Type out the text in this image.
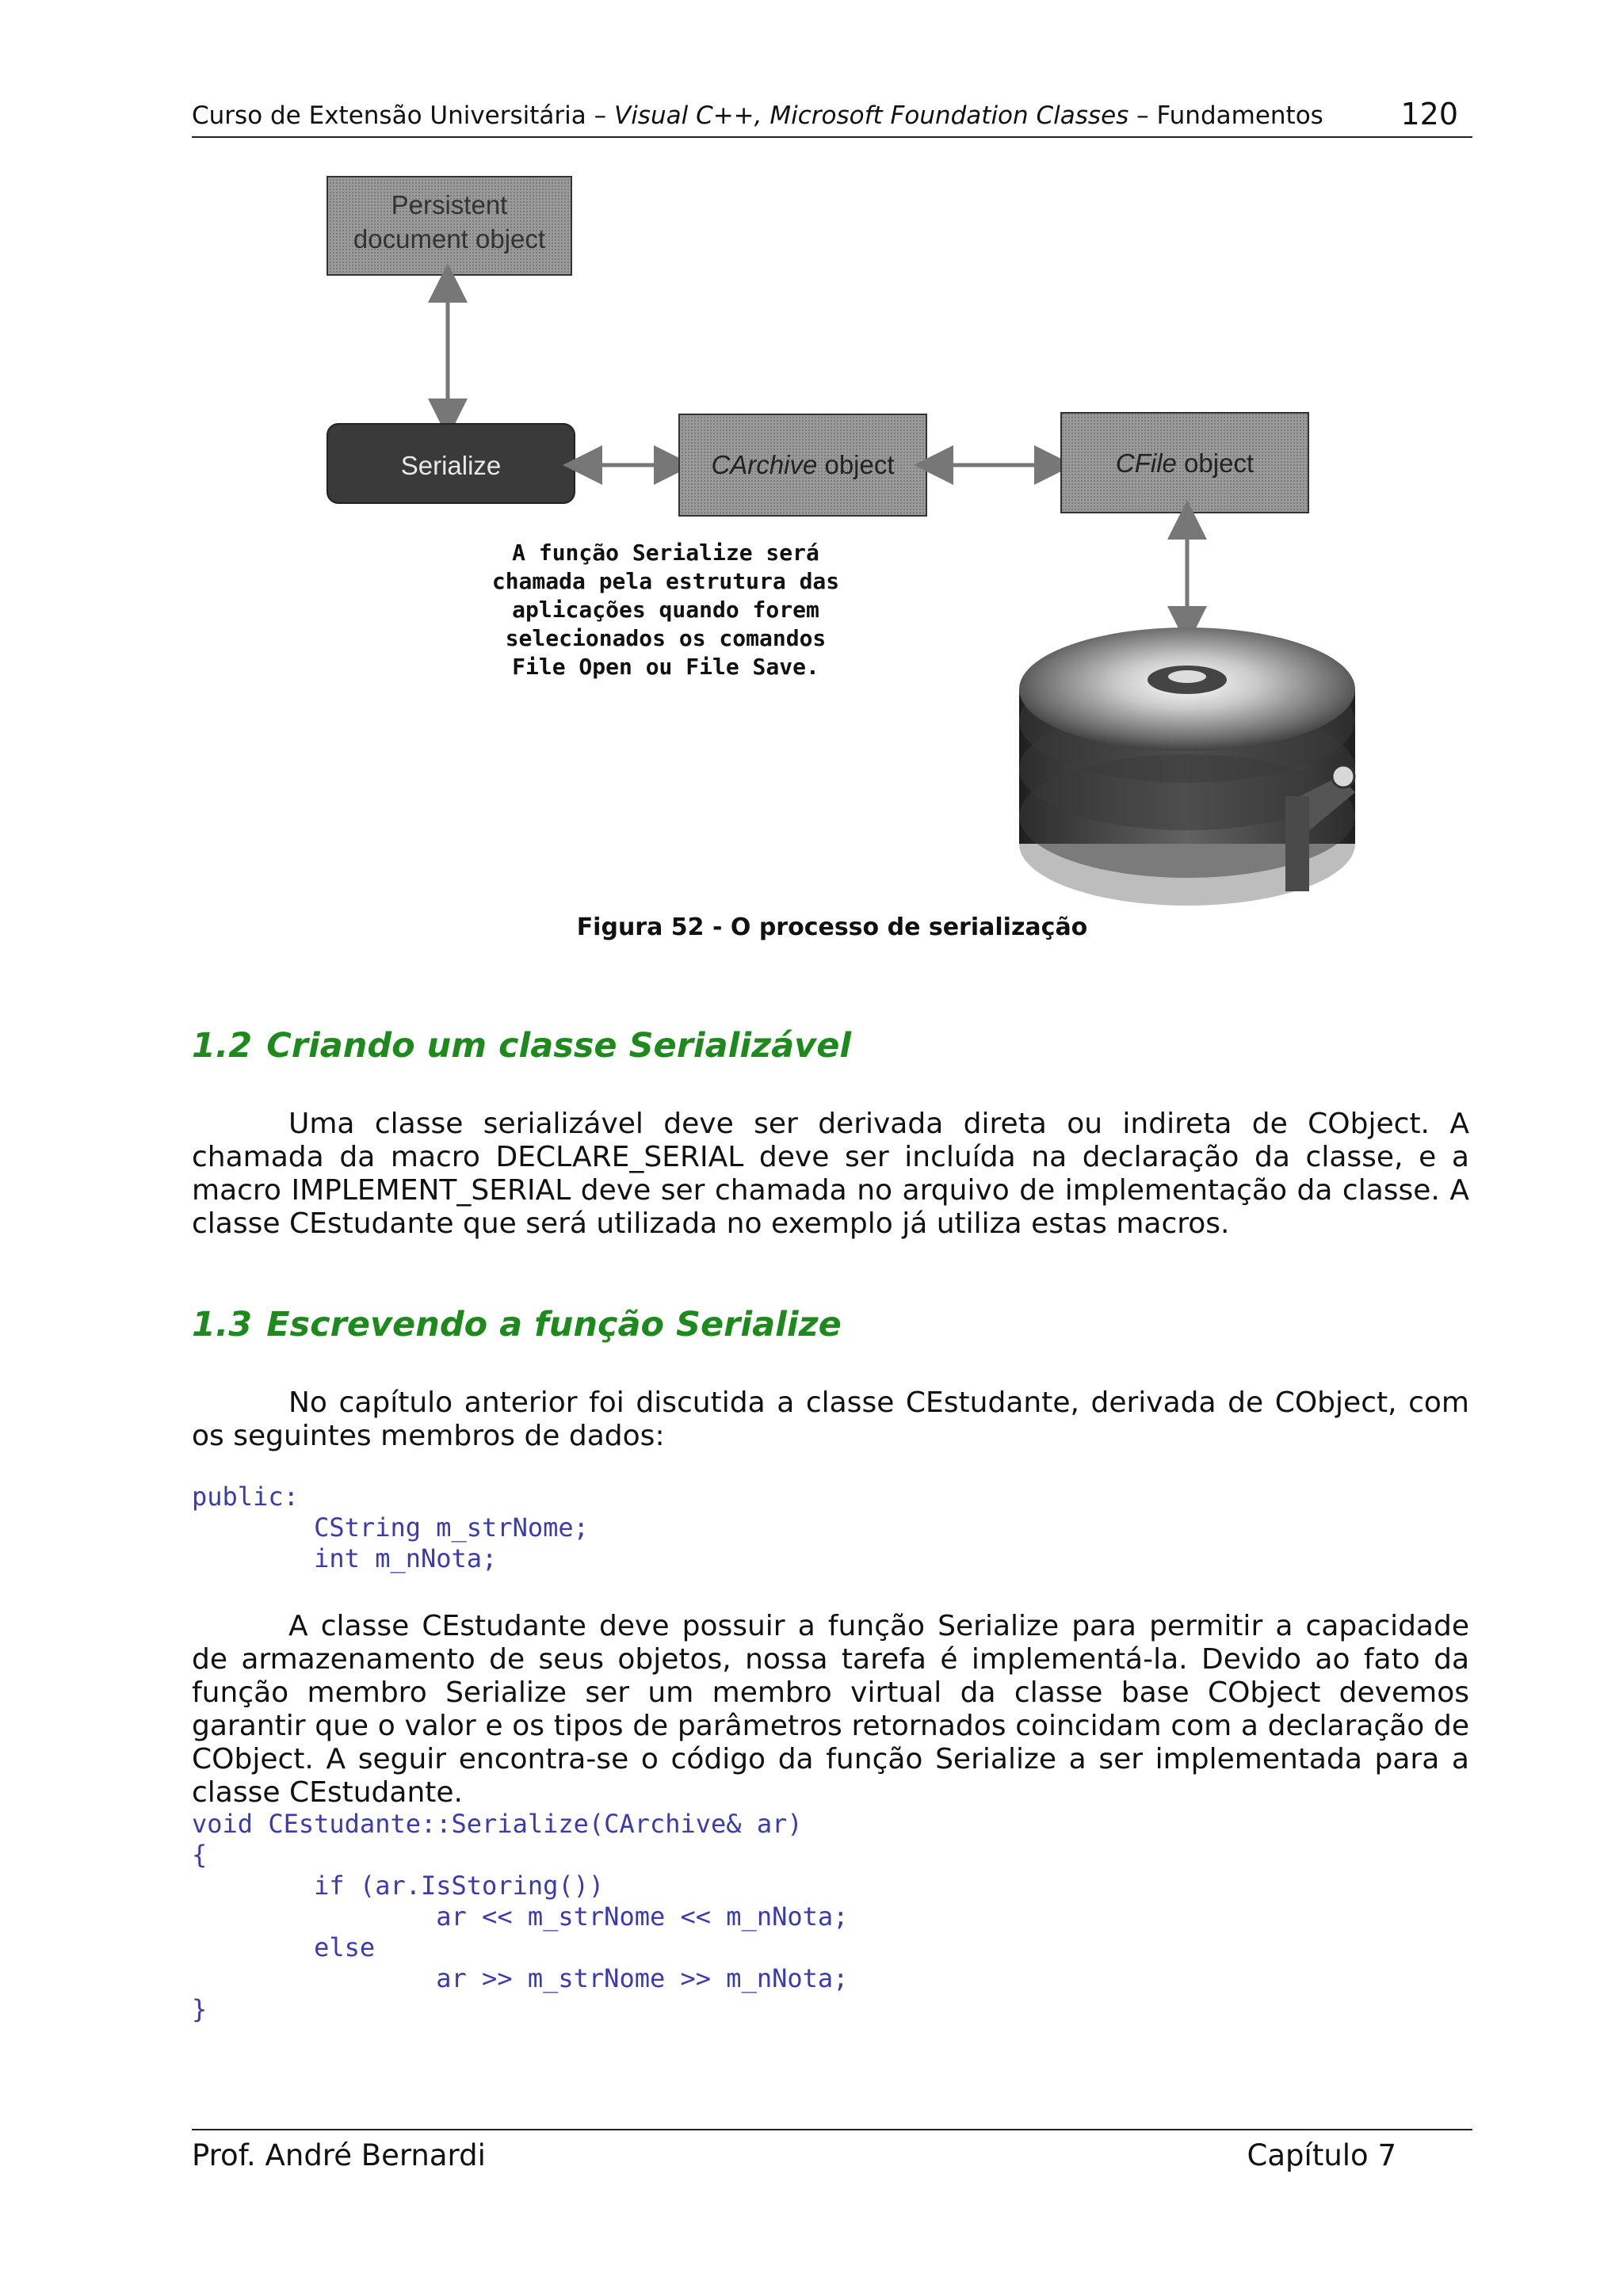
Curso de Extensão Universitária – Visual C++, Microsoft Foundation Classes – Fundamentos	120
Persistent
document object
Serialize	CArchive object	CFile object
A função Serialize será
chamada pela estrutura das
aplicações quando forem
selecionados os comandos
File Open ou File Save.
Figura 52 - O processo de serialização
1.2 Criando um classe Serializável

Uma classe serializável deve ser derivada direta ou indireta de CObject. A chamada da macro DECLARE_SERIAL deve ser incluída na declaração da classe, e a macro IMPLEMENT_SERIAL deve ser chamada no arquivo de implementação da classe. A classe CEstudante que será utilizada no exemplo já utiliza estas macros.

1.3 Escrevendo a função Serialize

No capítulo anterior foi discutida a classe CEstudante, derivada de CObject, com os seguintes membros de dados:

public:
CString m_strNome;
int m_nNota;

A classe CEstudante deve possuir a função Serialize para permitir a capacidade de armazenamento de seus objetos, nossa tarefa é implementá-la. Devido ao fato da função membro Serialize ser um membro virtual da classe base CObject devemos garantir que o valor e os tipos de parâmetros retornados coincidam com a declaração de CObject. A seguir encontra-se o código da função Serialize a ser implementada para a classe CEstudante.

void CEstudante::Serialize(CArchive& ar)
{
if (ar.IsStoring())
ar << m_strNome << m_nNota;
else
ar >> m_strNome >> m_nNota;
}
Prof. André Bernardi	Capítulo 7
